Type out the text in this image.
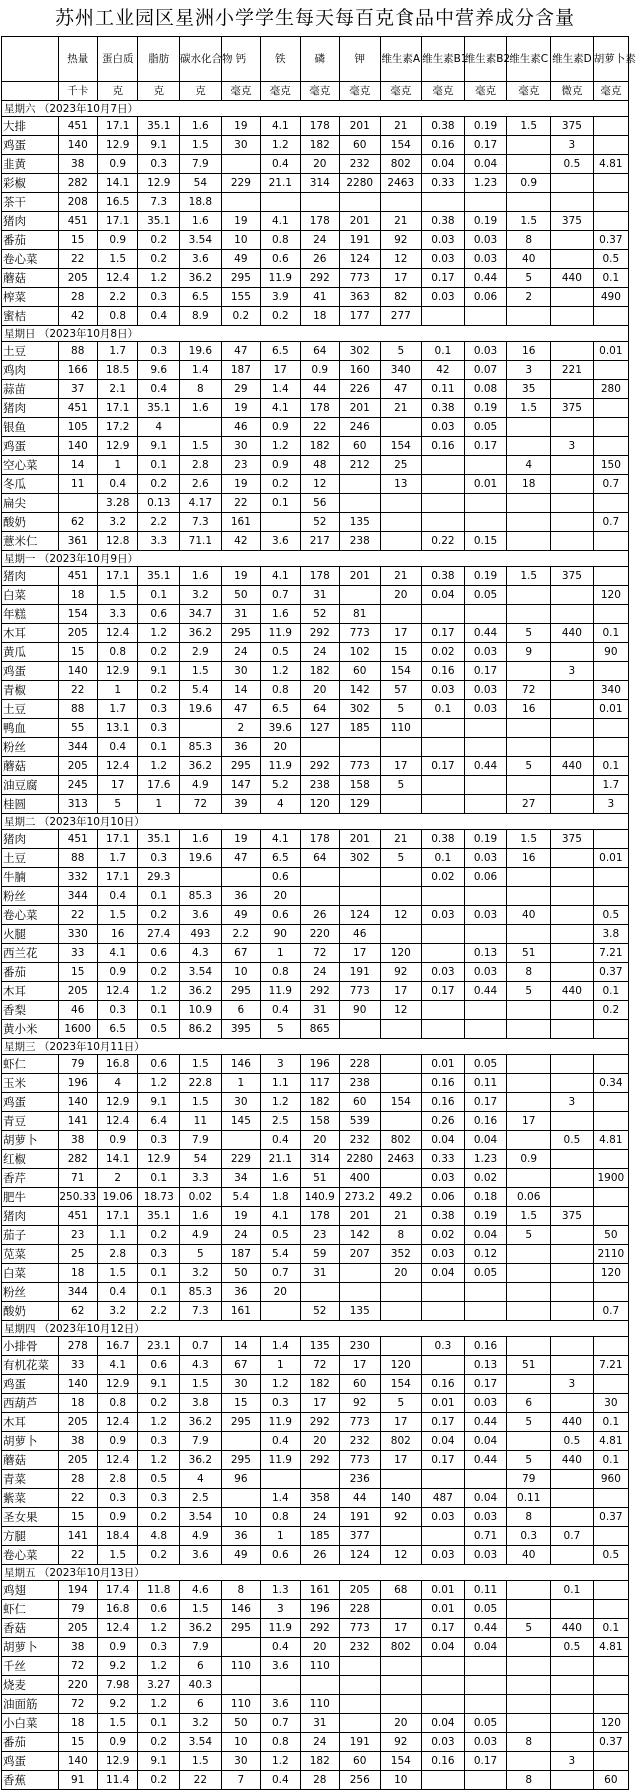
苏州工业园区星洲小学学生每天每百克食品中营养成分含量
	热量	蛋白质	脂肪	碳水化合物	钙	铁	磷	钾	维生素A	维生素B1	维生素B2	维生素C	维生素D	胡萝卜素
	千卡	克	克	克	毫克	毫克	毫克	毫克	毫克	毫克	毫克	毫克	微克	毫克
星期六 （2023年10月7日）														
大排	451	17.1	35.1	1.6	19	4.1	178	201	21	0.38	0.19	1.5	375	
鸡蛋	140	12.9	9.1	1.5	30	1.2	182	60	154	0.16	0.17		3	
韭黄	38	0.9	0.3	7.9		0.4	20	232	802	0.04	0.04		0.5	4.81
彩椒	282	14.1	12.9	54	229	21.1	314	2280	2463	0.33	1.23	0.9		
茶干	208	16.5	7.3	18.8										
猪肉	451	17.1	35.1	1.6	19	4.1	178	201	21	0.38	0.19	1.5	375	
番茄	15	0.9	0.2	3.54	10	0.8	24	191	92	0.03	0.03	8		0.37
卷心菜	22	1.5	0.2	3.6	49	0.6	26	124	12	0.03	0.03	40		0.5
蘑菇	205	12.4	1.2	36.2	295	11.9	292	773	17	0.17	0.44	5	440	0.1
榨菜	28	2.2	0.3	6.5	155	3.9	41	363	82	0.03	0.06	2		490
蜜桔	42	0.8	0.4	8.9	0.2	0.2	18	177	277					
星期日 （2023年10月8日）														
土豆	88	1.7	0.3	19.6	47	6.5	64	302	5	0.1	0.03	16		0.01
鸡肉	166	18.5	9.6	1.4	187	17	0.9	160	340	42	0.07	3	221	
蒜苗	37	2.1	0.4	8	29	1.4	44	226	47	0.11	0.08	35		280
猪肉	451	17.1	35.1	1.6	19	4.1	178	201	21	0.38	0.19	1.5	375	
银鱼	105	17.2	4		46	0.9	22	246		0.03	0.05			
鸡蛋	140	12.9	9.1	1.5	30	1.2	182	60	154	0.16	0.17		3	
空心菜	14	1	0.1	2.8	23	0.9	48	212	25			4		150
冬瓜	11	0.4	0.2	2.6	19	0.2	12		13		0.01	18		0.7
扁尖		3.28	0.13	4.17	22	0.1	56							
酸奶	62	3.2	2.2	7.3	161		52	135						0.7
薏米仁	361	12.8	3.3	71.1	42	3.6	217	238		0.22	0.15			
星期一 （2023年10月9日）														
猪肉	451	17.1	35.1	1.6	19	4.1	178	201	21	0.38	0.19	1.5	375	
白菜	18	1.5	0.1	3.2	50	0.7	31		20	0.04	0.05			120
年糕	154	3.3	0.6	34.7	31	1.6	52	81						
木耳	205	12.4	1.2	36.2	295	11.9	292	773	17	0.17	0.44	5	440	0.1
黄瓜	15	0.8	0.2	2.9	24	0.5	24	102	15	0.02	0.03	9		90
鸡蛋	140	12.9	9.1	1.5	30	1.2	182	60	154	0.16	0.17		3	
青椒	22	1	0.2	5.4	14	0.8	20	142	57	0.03	0.03	72		340
土豆	88	1.7	0.3	19.6	47	6.5	64	302	5	0.1	0.03	16		0.01
鸭血	55	13.1	0.3		2	39.6	127	185	110					
粉丝	344	0.4	0.1	85.3	36	20								
蘑菇	205	12.4	1.2	36.2	295	11.9	292	773	17	0.17	0.44	5	440	0.1
油豆腐	245	17	17.6	4.9	147	5.2	238	158	5					1.7
桂圆	313	5	1	72	39	4	120	129				27		3
星期二 （2023年10月10日）														
猪肉	451	17.1	35.1	1.6	19	4.1	178	201	21	0.38	0.19	1.5	375	
土豆	88	1.7	0.3	19.6	47	6.5	64	302	5	0.1	0.03	16		0.01
牛腩	332	17.1	29.3			0.6				0.02	0.06			
粉丝	344	0.4	0.1	85.3	36	20								
卷心菜	22	1.5	0.2	3.6	49	0.6	26	124	12	0.03	0.03	40		0.5
火腿	330	16	27.4	493	2.2	90	220	46						3.8
西兰花	33	4.1	0.6	4.3	67	1	72	17	120		0.13	51		7.21
番茄	15	0.9	0.2	3.54	10	0.8	24	191	92	0.03	0.03	8		0.37
木耳	205	12.4	1.2	36.2	295	11.9	292	773	17	0.17	0.44	5	440	0.1
香梨	46	0.3	0.1	10.9	6	0.4	31	90	12					0.2
黄小米	1600	6.5	0.5	86.2	395	5	865							
星期三 （2023年10月11日）														
虾仁	79	16.8	0.6	1.5	146	3	196	228		0.01	0.05			
玉米	196	4	1.2	22.8	1	1.1	117	238		0.16	0.11			0.34
鸡蛋	140	12.9	9.1	1.5	30	1.2	182	60	154	0.16	0.17		3	
青豆	141	12.4	6.4	11	145	2.5	158	539		0.26	0.16	17		
胡萝卜	38	0.9	0.3	7.9		0.4	20	232	802	0.04	0.04		0.5	4.81
红椒	282	14.1	12.9	54	229	21.1	314	2280	2463	0.33	1.23	0.9		
香芹	71	2	0.1	3.3	34	1.6	51	400		0.03	0.02			1900
肥牛	250.33	19.06	18.73	0.02	5.4	1.8	140.9	273.2	49.2	0.06	0.18	0.06		
猪肉	451	17.1	35.1	1.6	19	4.1	178	201	21	0.38	0.19	1.5	375	
茄子	23	1.1	0.2	4.9	24	0.5	23	142	8	0.02	0.04	5		50
苋菜	25	2.8	0.3	5	187	5.4	59	207	352	0.03	0.12			2110
白菜	18	1.5	0.1	3.2	50	0.7	31		20	0.04	0.05			120
粉丝	344	0.4	0.1	85.3	36	20								
酸奶	62	3.2	2.2	7.3	161		52	135						0.7
星期四 （2023年10月12日）														
小排骨	278	16.7	23.1	0.7	14	1.4	135	230		0.3	0.16			
有机花菜	33	4.1	0.6	4.3	67	1	72	17	120		0.13	51		7.21
鸡蛋	140	12.9	9.1	1.5	30	1.2	182	60	154	0.16	0.17		3	
西葫芦	18	0.8	0.2	3.8	15	0.3	17	92	5	0.01	0.03	6		30
木耳	205	12.4	1.2	36.2	295	11.9	292	773	17	0.17	0.44	5	440	0.1
胡萝卜	38	0.9	0.3	7.9		0.4	20	232	802	0.04	0.04		0.5	4.81
蘑菇	205	12.4	1.2	36.2	295	11.9	292	773	17	0.17	0.44	5	440	0.1
青菜	28	2.8	0.5	4	96			236				79		960
紫菜	22	0.3	0.3	2.5		1.4	358	44	140	487	0.04	0.11		
圣女果	15	0.9	0.2	3.54	10	0.8	24	191	92	0.03	0.03	8		0.37
方腿	141	18.4	4.8	4.9	36	1	185	377			0.71	0.3	0.7	
卷心菜	22	1.5	0.2	3.6	49	0.6	26	124	12	0.03	0.03	40		0.5
星期五 （2023年10月13日）														
鸡翅	194	17.4	11.8	4.6	8	1.3	161	205	68	0.01	0.11		0.1	
虾仁	79	16.8	0.6	1.5	146	3	196	228		0.01	0.05			
香菇	205	12.4	1.2	36.2	295	11.9	292	773	17	0.17	0.44	5	440	0.1
胡萝卜	38	0.9	0.3	7.9		0.4	20	232	802	0.04	0.04		0.5	4.81
千丝	72	9.2	1.2	6	110	3.6	110							
烧麦	220	7.98	3.27	40.3										
油面筋	72	9.2	1.2	6	110	3.6	110							
小白菜	18	1.5	0.1	3.2	50	0.7	31		20	0.04	0.05			120
番茄	15	0.9	0.2	3.54	10	0.8	24	191	92	0.03	0.03	8		0.37
鸡蛋	140	12.9	9.1	1.5	30	1.2	182	60	154	0.16	0.17		3	
香蕉	91	11.4	0.2	22	7	0.4	28	256	10			8		60
